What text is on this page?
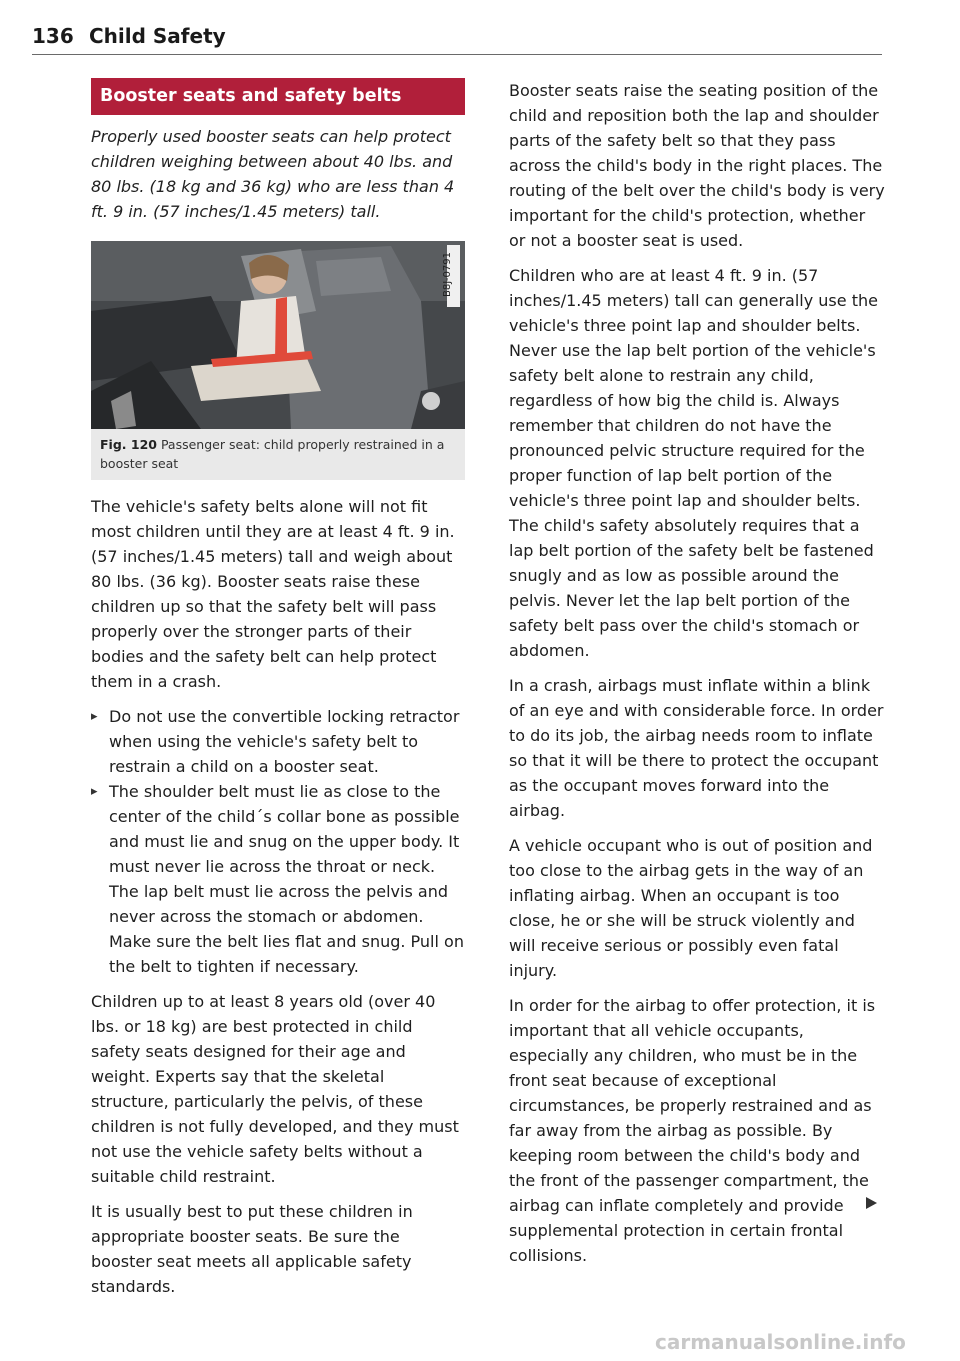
136 Child Safety
Booster seats and safety belts
Properly used booster seats can help protect children weighing between about 40 lbs. and 80 lbs. (18 kg and 36 kg) who are less than 4 ft. 9 in. (57 inches/1.45 meters) tall.
B8J-0791
Fig. 120 Passenger seat: child properly restrained in a booster seat

The vehicle's safety belts alone will not fit most children until they are at least 4 ft. 9 in. (57 inches/1.45 meters) tall and weigh about 80 lbs. (36 kg). Booster seats raise these children up so that the safety belt will pass properly over the stronger parts of their bodies and the safety belt can help protect them in a crash.

▸ Do not use the convertible locking retractor when using the vehicle's safety belt to restrain a child on a booster seat.
▸ The shoulder belt must lie as close to the center of the child´s collar bone as possible and must lie and snug on the upper body. It must never lie across the throat or neck. The lap belt must lie across the pelvis and never across the stomach or abdomen. Make sure the belt lies flat and snug. Pull on the belt to tighten if necessary.

Children up to at least 8 years old (over 40 lbs. or 18 kg) are best protected in child safety seats designed for their age and weight. Experts say that the skeletal structure, particularly the pelvis, of these children is not fully developed, and they must not use the vehicle safety belts without a suitable child restraint.

It is usually best to put these children in appropriate booster seats. Be sure the booster seat meets all applicable safety standards.

Booster seats raise the seating position of the child and reposition both the lap and shoulder parts of the safety belt so that they pass across the child's body in the right places. The routing of the belt over the child's body is very important for the child's protection, whether or not a booster seat is used.

Children who are at least 4 ft. 9 in. (57 inches/1.45 meters) tall can generally use the vehicle's three point lap and shoulder belts. Never use the lap belt portion of the vehicle's safety belt alone to restrain any child, regardless of how big the child is. Always remember that children do not have the pronounced pelvic structure required for the proper function of lap belt portion of the vehicle's three point lap and shoulder belts. The child's safety absolutely requires that a lap belt portion of the safety belt be fastened snugly and as low as possible around the pelvis. Never let the lap belt portion of the safety belt pass over the child's stomach or abdomen.

In a crash, airbags must inflate within a blink of an eye and with considerable force. In order to do its job, the airbag needs room to inflate so that it will be there to protect the occupant as the occupant moves forward into the airbag.

A vehicle occupant who is out of position and too close to the airbag gets in the way of an inflating airbag. When an occupant is too close, he or she will be struck violently and will receive serious or possibly even fatal injury.

In order for the airbag to offer protection, it is important that all vehicle occupants, especially any children, who must be in the front seat because of exceptional circumstances, be properly restrained and as far away from the airbag as possible. By keeping room between the child's body and the front of the passenger compartment, the airbag can inflate completely and provide supplemental protection in certain frontal collisions.

carmanualsonline.info
